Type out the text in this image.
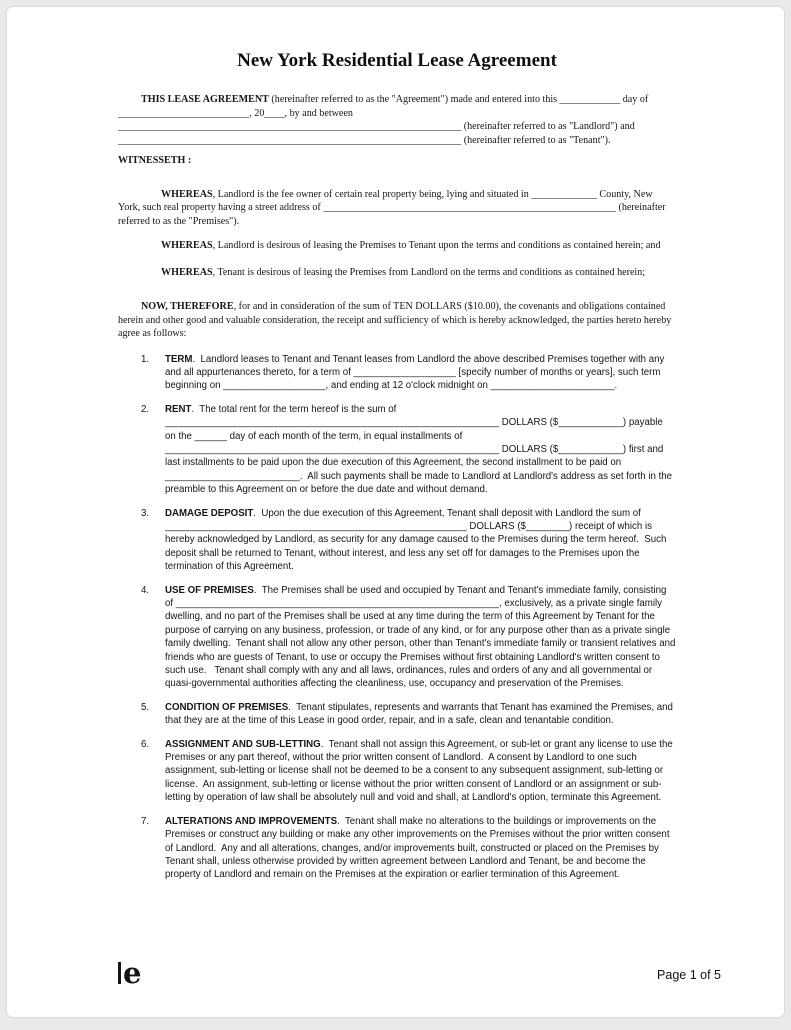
New York Residential Lease Agreement

THIS LEASE AGREEMENT (hereinafter referred to as the "Agreement") made and entered into this ____________ day of __________________________, 20____, by and between ____________________________________________________________________ (hereinafter referred to as "Landlord") and ____________________________________________________________________ (hereinafter referred to as "Tenant").

WITNESSETH :

WHEREAS, Landlord is the fee owner of certain real property being, lying and situated in _____________ County, New York, such real property having a street address of __________________________________________________________ (hereinafter referred to as the "Premises").

WHEREAS, Landlord is desirous of leasing the Premises to Tenant upon the terms and conditions as contained herein; and

WHEREAS, Tenant is desirous of leasing the Premises from Landlord on the terms and conditions as contained herein;

NOW, THEREFORE, for and in consideration of the sum of TEN DOLLARS ($10.00), the covenants and obligations contained herein and other good and valuable consideration, the receipt and sufficiency of which is hereby acknowledged, the parties hereto hereby agree as follows:

1.	TERM.  Landlord leases to Tenant and Tenant leases from Landlord the above described Premises together with any and all appurtenances thereto, for a term of ___________________ [specify number of months or years], such term beginning on ___________________, and ending at 12 o'clock midnight on _______________________.
2.	RENT.  The total rent for the term hereof is the sum of ______________________________________________________________ DOLLARS ($____________) payable on the ______ day of each month of the term, in equal installments of ______________________________________________________________ DOLLARS ($____________) first and last installments to be paid upon the due execution of this Agreement, the second installment to be paid on _________________________.  All such payments shall be made to Landlord at Landlord's address as set forth in the preamble to this Agreement on or before the due date and without demand.
3.	DAMAGE DEPOSIT.  Upon the due execution of this Agreement, Tenant shall deposit with Landlord the sum of ________________________________________________________ DOLLARS ($________) receipt of which is hereby acknowledged by Landlord, as security for any damage caused to the Premises during the term hereof.  Such deposit shall be returned to Tenant, without interest, and less any set off for damages to the Premises upon the termination of this Agreement.
4.	USE OF PREMISES.  The Premises shall be used and occupied by Tenant and Tenant's immediate family, consisting of ____________________________________________________________, exclusively, as a private single family dwelling, and no part of the Premises shall be used at any time during the term of this Agreement by Tenant for the purpose of carrying on any business, profession, or trade of any kind, or for any purpose other than as a private single family dwelling.  Tenant shall not allow any other person, other than Tenant's immediate family or transient relatives and friends who are guests of Tenant, to use or occupy the Premises without first obtaining Landlord's written consent to such use.   Tenant shall comply with any and all laws, ordinances, rules and orders of any and all governmental or quasi-governmental authorities affecting the cleanliness, use, occupancy and preservation of the Premises.
5.	CONDITION OF PREMISES.  Tenant stipulates, represents and warrants that Tenant has examined the Premises, and that they are at the time of this Lease in good order, repair, and in a safe, clean and tenantable condition.
6.	ASSIGNMENT AND SUB-LETTING.  Tenant shall not assign this Agreement, or sub-let or grant any license to use the Premises or any part thereof, without the prior written consent of Landlord.  A consent by Landlord to one such assignment, sub-letting or license shall not be deemed to be a consent to any subsequent assignment, sub-letting or license.  An assignment, sub-letting or license without the prior written consent of Landlord or an assignment or sub-letting by operation of law shall be absolutely null and void and shall, at Landlord's option, terminate this Agreement.
7.	ALTERATIONS AND IMPROVEMENTS.  Tenant shall make no alterations to the buildings or improvements on the Premises or construct any building or make any other improvements on the Premises without the prior written consent of Landlord.  Any and all alterations, changes, and/or improvements built, constructed or placed on the Premises by Tenant shall, unless otherwise provided by written agreement between Landlord and Tenant, be and become the property of Landlord and remain on the Premises at the expiration or earlier termination of this Agreement.
e	Page 1 of 5
